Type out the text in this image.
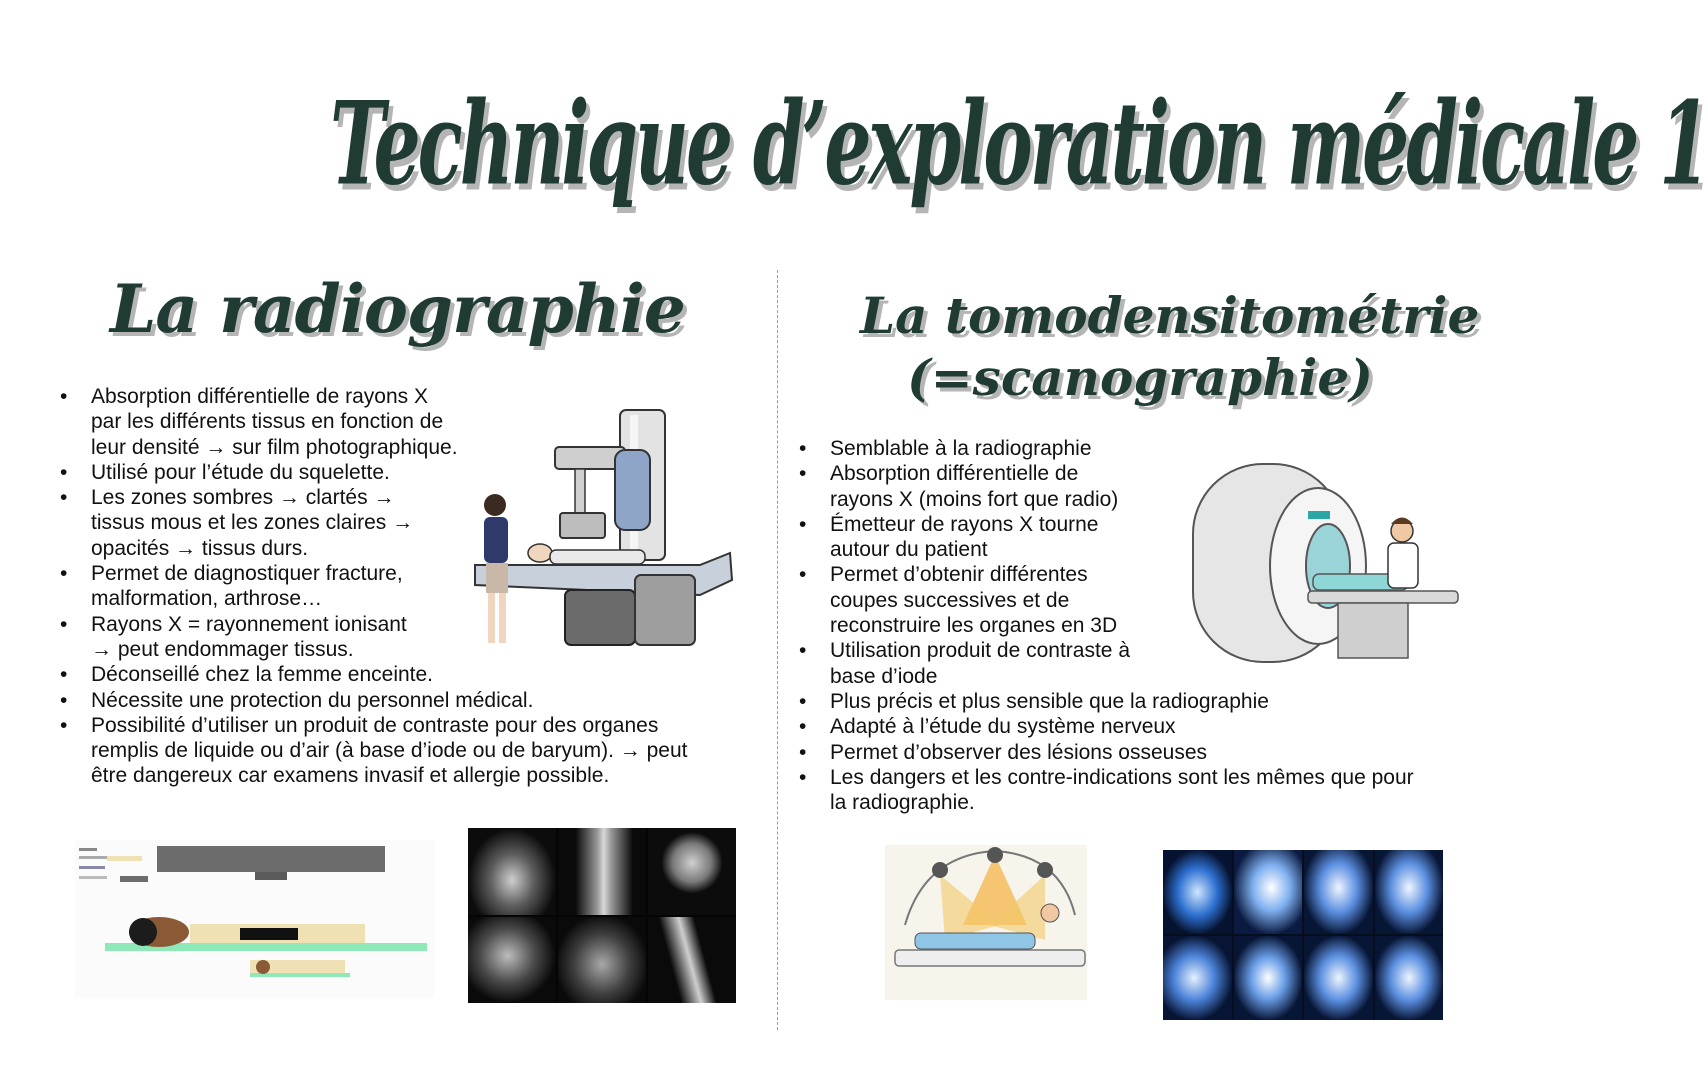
Technique d’exploration médicale 1
La radiographie	La tomodensitométrie
(=scanographie)
• Absorption différentielle de rayons X
par les différents tissus en fonction de
leur densité → sur film photographique.
• Utilisé pour l’étude du squelette.
• Les zones sombres → clartés →
tissus mous et les zones claires →
opacités → tissus durs.
• Permet de diagnostiquer fracture,
malformation, arthrose…
• Rayons X = rayonnement ionisant
→ peut endommager tissus.
• Déconseillé chez la femme enceinte.
• Nécessite une protection du personnel médical.
• Possibilité d’utiliser un produit de contraste pour des organes
remplis de liquide ou d’air (à base d’iode ou de baryum). → peut
être dangereux car examens invasif et allergie possible.
• Semblable à la radiographie
• Absorption différentielle de
rayons X (moins fort que radio)
• Émetteur de rayons X tourne
autour du patient
• Permet d’obtenir différentes
coupes successives et de
reconstruire les organes en 3D
• Utilisation produit de contraste à
base d’iode
• Plus précis et plus sensible que la radiographie
• Adapté à l’étude du système nerveux
• Permet d’observer des lésions osseuses
• Les dangers et les contre-indications sont les mêmes que pour
la radiographie.
